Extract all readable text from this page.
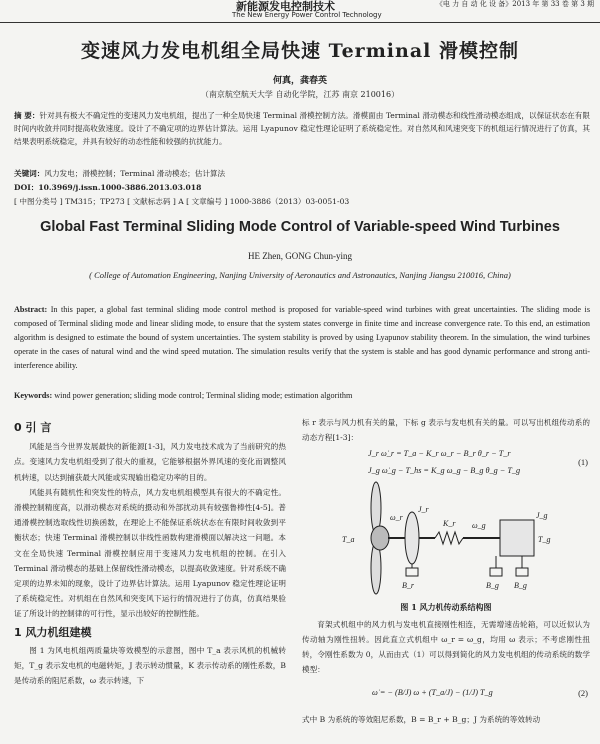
新能源发电控制技术
The New Energy Power Control Technology
《电 力 自 动 化 设 备》2013 年 第 33 卷 第 3 期
变速风力发电机组全局快速 Terminal 滑模控制
何真，龚春英
（南京航空航天大学 自动化学院，江苏 南京 210016）
摘 要：针对具有极大不确定性的变速风力发电机组，提出了一种全局快速 Terminal 滑模控制方法。滑模面由 Terminal 滑动模态和线性滑动模态组成，以保证状态在有限时间内收敛并同时提高收敛速度。设计了不确定项的边界估计算法。运用 Lyapunov 稳定性理论证明了系统稳定性。对自然风和风速突变下的机组运行情况进行了仿真，其结果表明系统稳定，并具有较好的动态性能和较强的抗扰能力。
关键词：风力发电；滑模控制；Terminal 滑动模态；估计算法
DOI：10.3969/j.issn.1000-3886.2013.03.018
[ 中图分类号 ] TM315；TP273 [ 文献标志码 ] A [ 文章编号 ] 1000-3886（2013）03-0051-03
Global Fast Terminal Sliding Mode Control of Variable-speed Wind Turbines
HE Zhen, GONG Chun-ying
( College of Automation Engineering, Nanjing University of Aeronautics and Astronautics, Nanjing Jiangsu 210016, China)
Abstract: In this paper, a global fast terminal sliding mode control method is proposed for variable-speed wind turbines with great uncertainties. The sliding mode is composed of Terminal sliding mode and linear sliding mode, to ensure that the system states converge in finite time and increase convergence rate. To this end, an estimation algorithm is designed to estimate the bound of system uncertainties. The system stability is proved by using Lyapunov stability theorem. In the simulation, the wind turbines operate in the cases of natural wind and the wind speed mutation. The simulation results verify that the system is stable and has good dynamic performance and strong anti-interference ability.
Keywords: wind power generation; sliding mode control; Terminal sliding mode; estimation algorithm
0 引 言

风能是当今世界发展最快的新能源[1-3]，风力发电技术成为了当前研究的热点。变速风力发电机组受到了很大的重视，它能够根据外界风速的变化而调整风机转速，以达到捕获最大风能或实现输出稳定功率的目的。

风能具有随机性和突发性的特点，风力发电机组模型具有很大的不确定性。滑模控制精度高，以滑动模态对系统的摄动和外部扰动具有较强鲁棒性[4-5]。普通滑模控制选取线性切换函数，在理论上不能保证系统状态在有限时间收敛到平衡状态；快速 Terminal 滑模控制以非线性函数构建滑模面以解决这一问题。本文在全局快速 Terminal 滑模控制应用于变速风力发电机组的控制。在引入 Terminal 滑动模态的基础上保留线性滑动模态，以提高收敛速度。针对系统不确定项的边界未知的现象，设计了边界估计算法。运用 Lyapunov 稳定性理论证明了系统稳定性。对机组在自然风和突变风下运行的情况进行了仿真，仿真结果验证了所设计的控制律的可行性，显示出较好的控制性能。

1 风力机组建模

图 1 为风电机组两质量块等效模型的示意图，图中 T_a 表示风机的机械转矩，T_g 表示发电机的电磁转矩，J 表示转动惯量，K 表示传动系的刚性系数，B 是传动系的阻尼系数，ω 表示转速，下

标 r 表示与风力机有关的量，下标 g 表示与发电机有关的量。可以写出机组传动系的动态方程[1-3]：
J_r ω̇_r = T_a − K_r ω_r − B_r θ_r − T_r
J_g ω̇_g − T_hs = K_g ω_g − B_g θ_g − T_g
(1)
T_a
ω_r
J_r
K_r
B_r
J_g
ω_g
T_g
B_g B_g
图 1 风力机传动系结构图
育架式机组中的风力机与发电机直接刚性相连，无需增速齿轮箱，可以近似认为传动轴为刚性扭转。因此直立式机组中 ω_r = ω_g，均用 ω 表示；不考虑刚性扭转，令刚性系数为 0，从而由式（1）可以得到简化的风力发电机组的传动系统的数学模型：
ω̇ = − (B/J) ω + (T_a/J) − (1/J) T_g	(2)
式中 B 为系统的等效阻尼系数，B = B_r + B_g；J 为系统的等效转动
